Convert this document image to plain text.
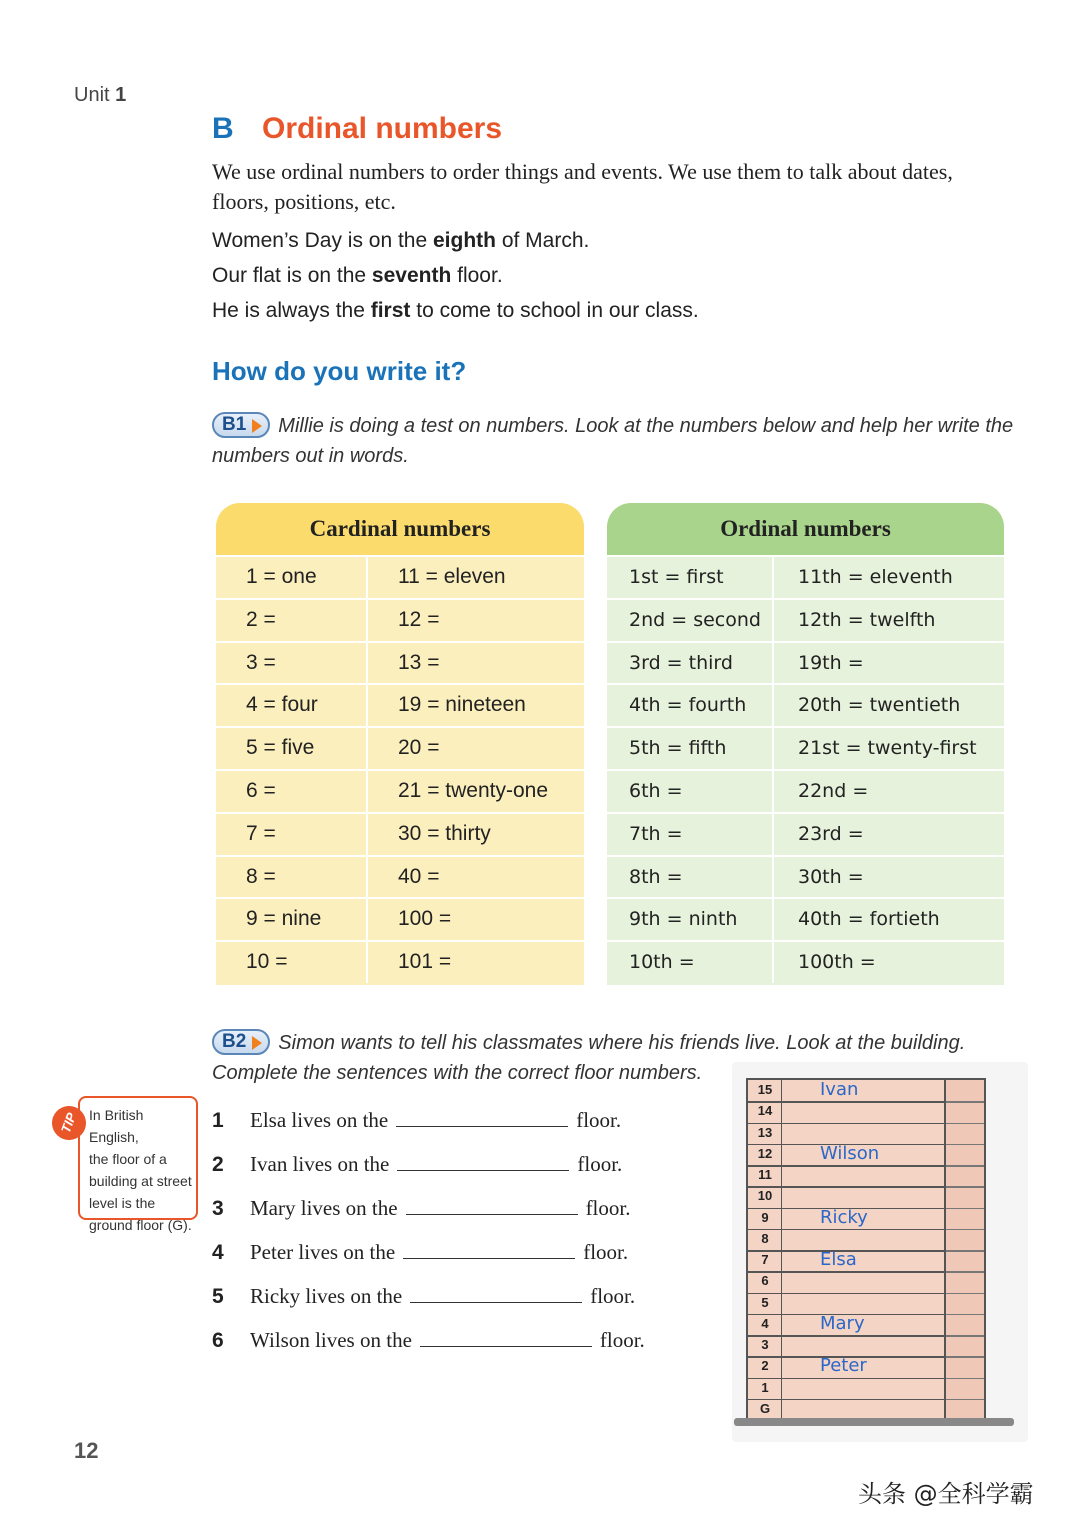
Unit 1
B Ordinal numbers
We use ordinal numbers to order things and events. We use them to talk about dates, floors, positions, etc.
Women’s Day is on the eighth of March.
Our flat is on the seventh floor.
He is always the first to come to school in our class.
How do you write it?
B1 Millie is doing a test on numbers. Look at the numbers below and help her write the numbers out in words.
Cardinal numbers
1 = one	11 = eleven
2 =	12 =
3 =	13 =
4 = four	19 = nineteen
5 = five	20 =
6 =	21 = twenty-one
7 =	30 = thirty
8 =	40 =
9 = nine	100 =
10 =	101 =
Ordinal numbers
1st = first	11th = eleventh
2nd = second	12th = twelfth
3rd = third	19th =
4th = fourth	20th = twentieth
5th = fifth	21st = twenty-first
6th =	22nd =
7th =	23rd =
8th =	30th =
9th = ninth	40th = fortieth
10th =	100th =
B2 Simon wants to tell his classmates where his friends live. Look at the building. Complete the sentences with the correct floor numbers.
In British English,
the floor of a
building at street
level is the
ground floor (G).
TIP	1 Elsa lives on the	floor.
2 Ivan lives on the	floor.
3 Mary lives on the	floor.
4 Peter lives on the	floor.
5 Ricky lives on the	floor.
6 Wilson lives on the	floor.
15	Ivan
14
13
12	Wilson
11
10
9	Ricky
8
7	Elsa
6
5
4	Mary
3
2	Peter
1
G
12
头条 @全科学霸
